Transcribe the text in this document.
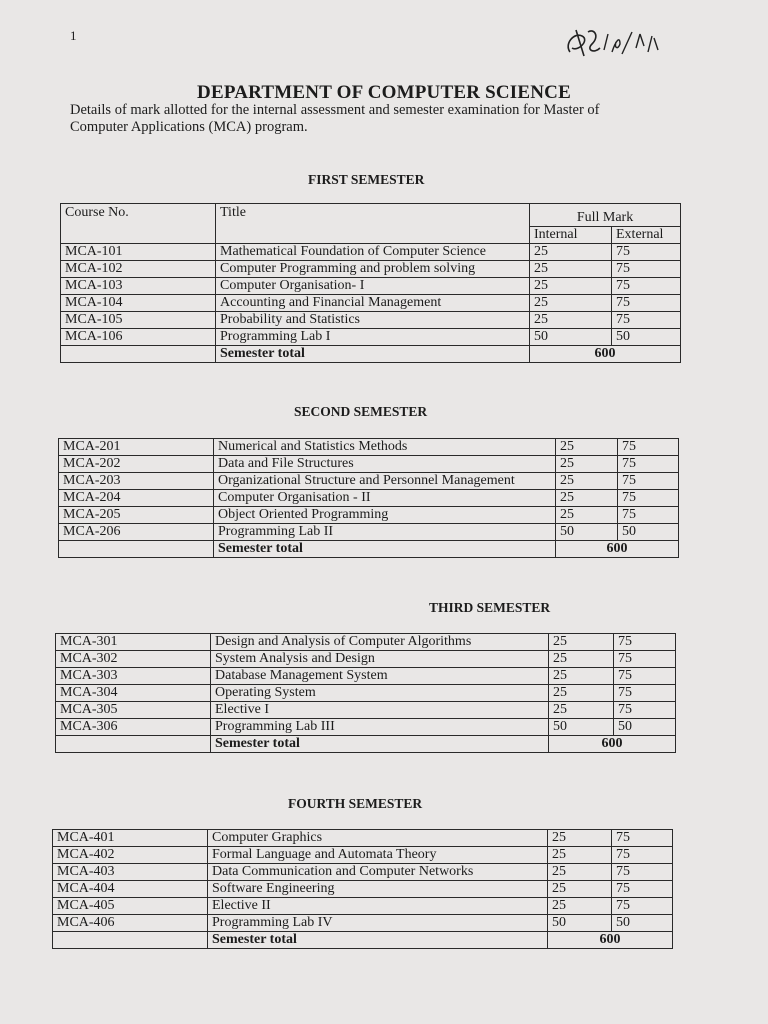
1
DEPARTMENT OF COMPUTER SCIENCE
Details of mark allotted for the internal assessment and semester examination for Master of Computer Applications (MCA) program.
FIRST SEMESTER
Course No.	Title	Full Mark	
		Internal	External
MCA-101	Mathematical Foundation of Computer Science	25	75
MCA-102	Computer Programming and problem solving	25	75
MCA-103	Computer Organisation- I	25	75
MCA-104	Accounting and Financial Management	25	75
MCA-105	Probability and Statistics	25	75
MCA-106	Programming Lab I	50	50
	Semester total	600	
SECOND SEMESTER
MCA-201	Numerical and Statistics Methods	25	75
MCA-202	Data and File Structures	25	75
MCA-203	Organizational Structure and Personnel Management	25	75
MCA-204	Computer Organisation - II	25	75
MCA-205	Object Oriented Programming	25	75
MCA-206	Programming Lab II	50	50
	Semester total	600	
THIRD SEMESTER
MCA-301	Design and Analysis of Computer Algorithms	25	75
MCA-302	System Analysis and Design	25	75
MCA-303	Database Management System	25	75
MCA-304	Operating System	25	75
MCA-305	Elective I	25	75
MCA-306	Programming Lab III	50	50
	Semester total	600	
FOURTH SEMESTER
MCA-401	Computer Graphics	25	75
MCA-402	Formal Language and Automata Theory	25	75
MCA-403	Data Communication and Computer Networks	25	75
MCA-404	Software Engineering	25	75
MCA-405	Elective II	25	75
MCA-406	Programming Lab IV	50	50
	Semester total	600	
